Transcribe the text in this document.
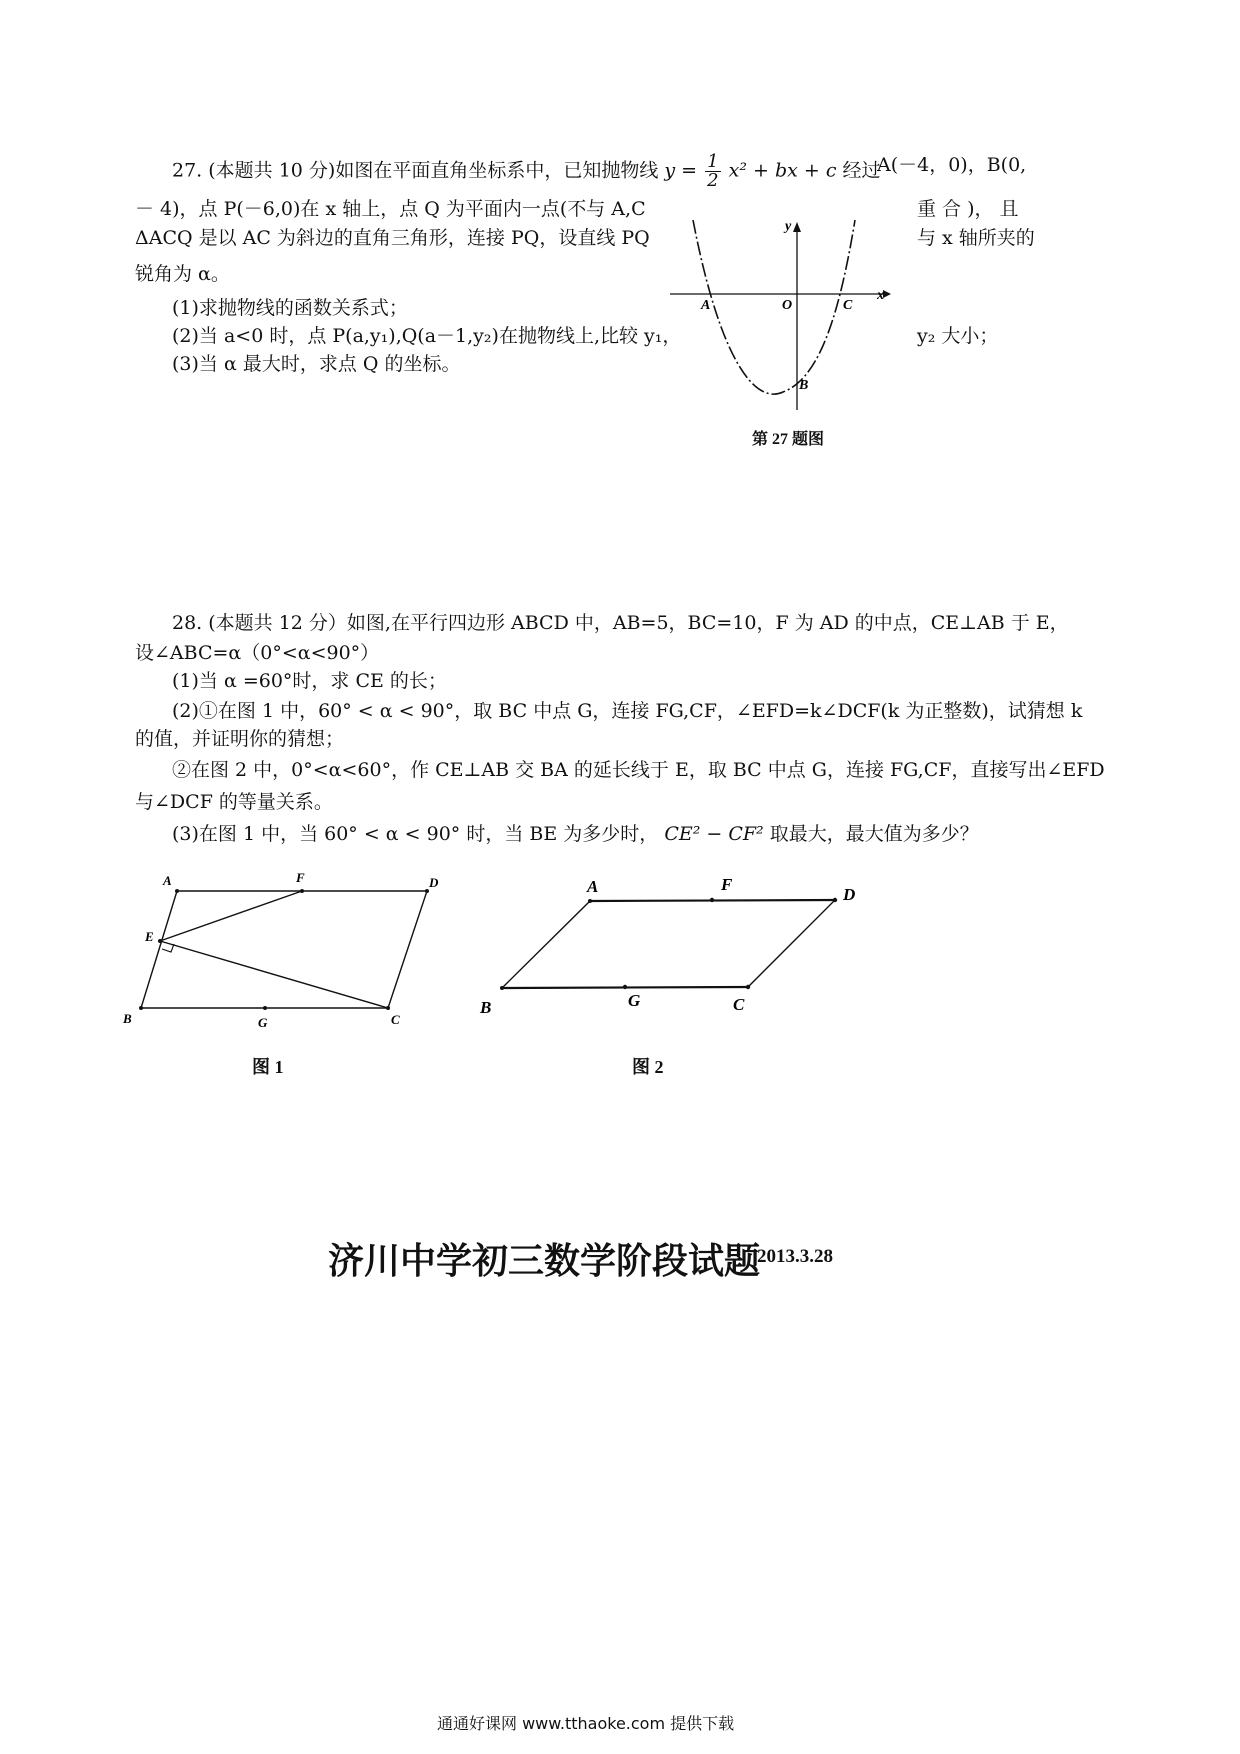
27. (本题共 10 分)如图在平面直角坐标系中，已知抛物线 $y = \frac{1}{2} x^2$ + bx + c 经过
A(－4，0)，B(0,
－ 4)，点 P(－6,0)在 x 轴上，点 Q 为平面内一点(不与 A,C	重 合 )， 且
ΔACQ 是以 AC 为斜边的直角三角形，连接 PQ，设直线 PQ	与 x 轴所夹的
锐角为 α。
(1)求抛物线的函数关系式；
(2)当 a<0 时，点 P(a,y₁),Q(a－1,y₂)在抛物线上,比较 y₁，	y₂ 大小；
(3)当 α 最大时，求点 Q 的坐标。
y
x
A	O	C
B
第 27 题图
28. (本题共 12 分）如图,在平行四边形 ABCD 中，AB=5，BC=10，F 为 AD 的中点，CE⊥AB 于 E，
设∠ABC=α（0°<α<90°）
(1)当 α =60°时，求 CE 的长；
(2)①在图 1 中，60° < α < 90°，取 BC 中点 G，连接 FG,CF，∠EFD=k∠DCF(k 为正整数)，试猜想 k
的值，并证明你的猜想；
②在图 2 中，0°<α<60°，作 CE⊥AB 交 BA 的延长线于 E，取 BC 中点 G，连接 FG,CF，直接写出∠EFD
与∠DCF 的等量关系。
(3)在图 1 中，当 60° < α < 90° 时，当 BE 为多少时， CE² − CF² 取最大，最大值为多少？
A	F	D
E
B	G	C
A	F
D
B	G	C
图 1	图 2
济川中学初三数学阶段试题
2013.3.28
通通好课网 www.tthaoke.com 提供下载
